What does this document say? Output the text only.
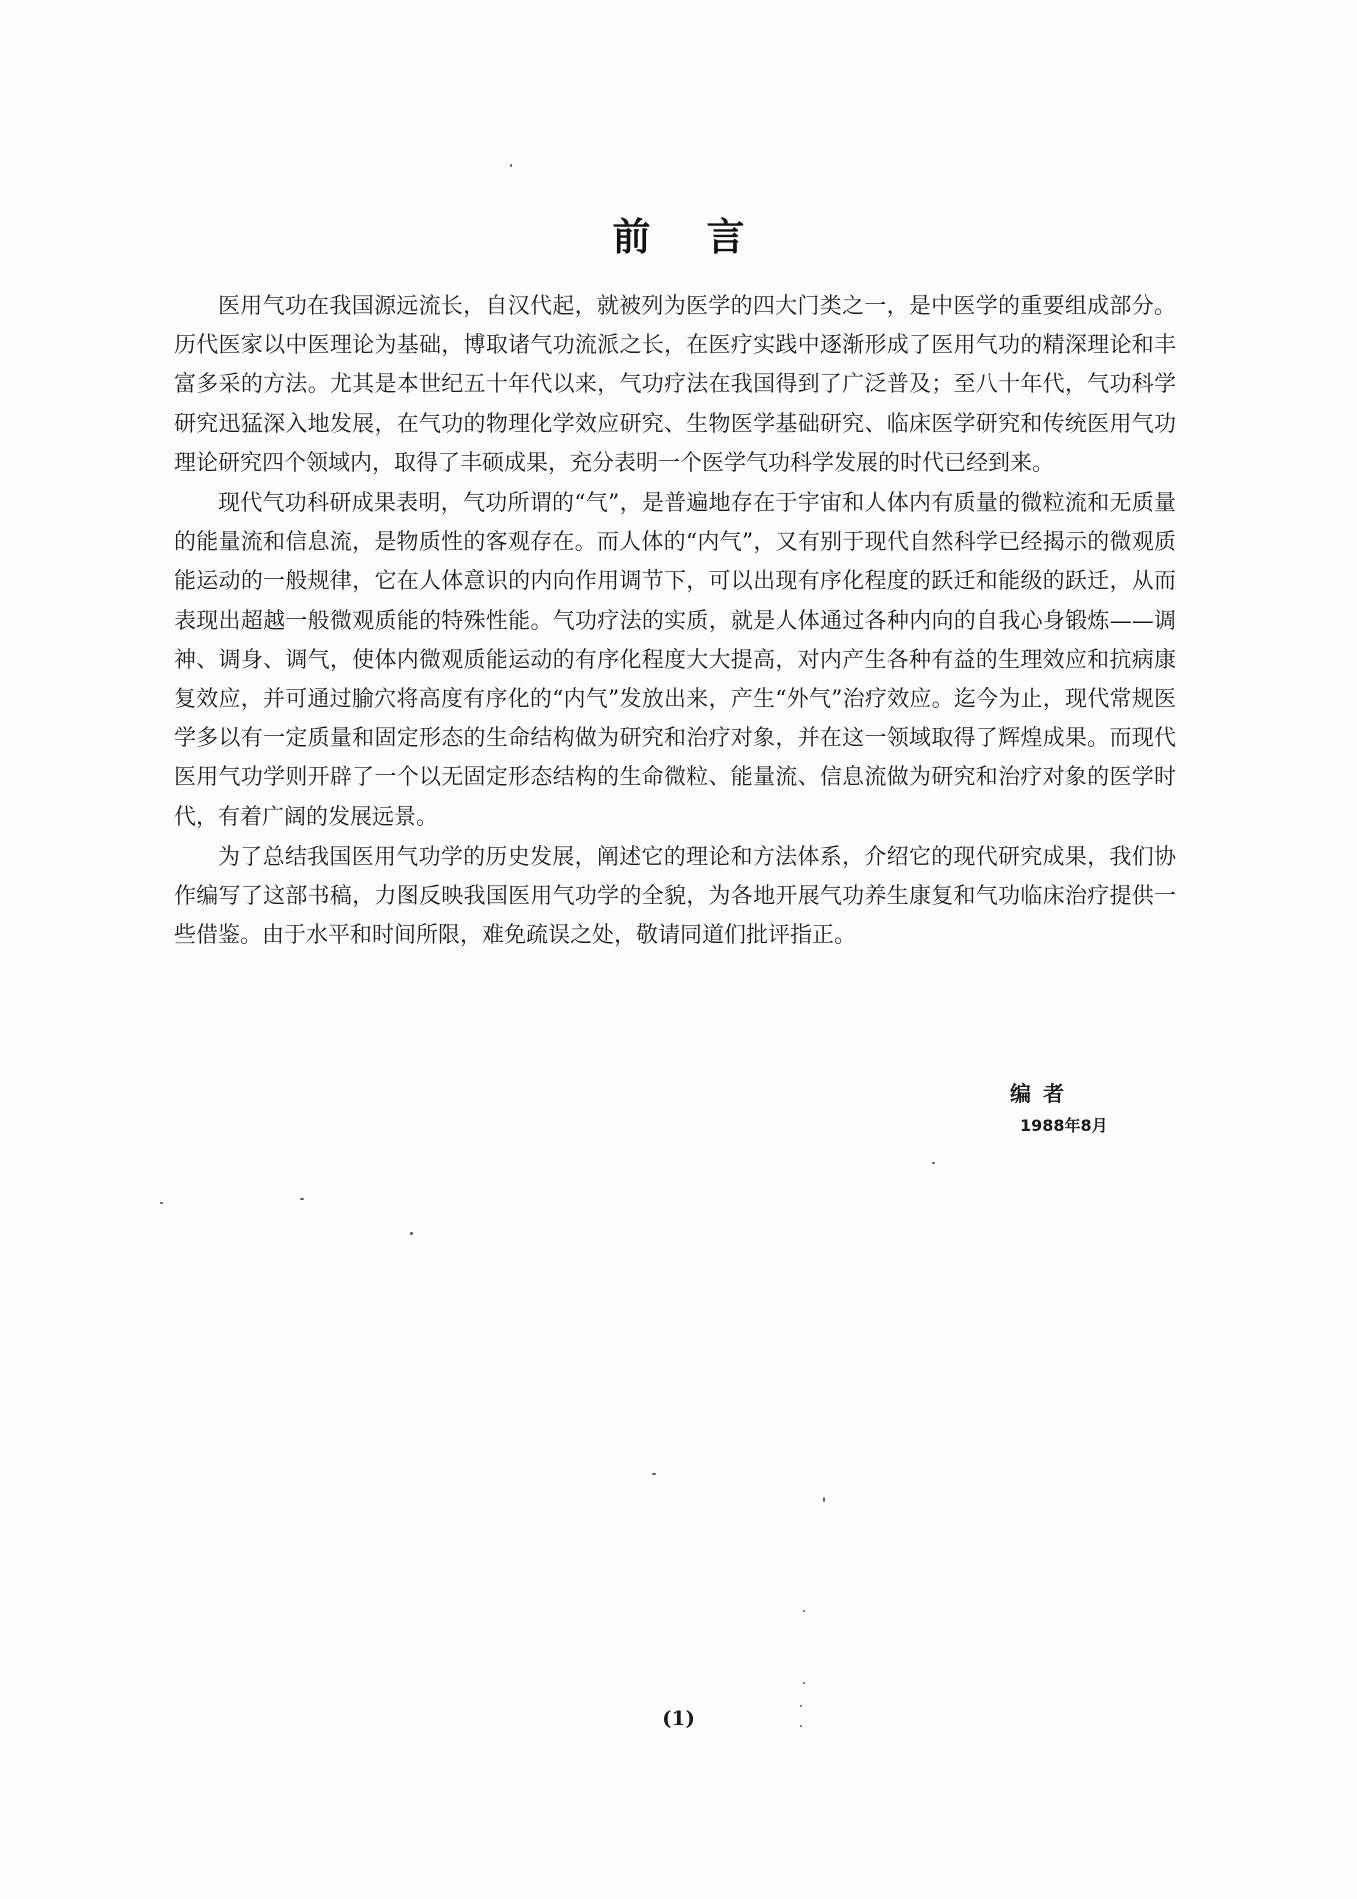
前 言

医用气功在我国源远流长，自汉代起，就被列为医学的四大门类之一，是中医学的重要组成部分。历代医家以中医理论为基础，博取诸气功流派之长，在医疗实践中逐渐形成了医用气功的精深理论和丰富多采的方法。尤其是本世纪五十年代以来，气功疗法在我国得到了广泛普及；至八十年代，气功科学研究迅猛深入地发展，在气功的物理化学效应研究、生物医学基础研究、临床医学研究和传统医用气功理论研究四个领域内，取得了丰硕成果，充分表明一个医学气功科学发展的时代已经到来。

现代气功科研成果表明，气功所谓的“气”，是普遍地存在于宇宙和人体内有质量的微粒流和无质量的能量流和信息流，是物质性的客观存在。而人体的“内气”，又有别于现代自然科学已经揭示的微观质能运动的一般规律，它在人体意识的内向作用调节下，可以出现有序化程度的跃迁和能级的跃迁，从而表现出超越一般微观质能的特殊性能。气功疗法的实质，就是人体通过各种内向的自我心身锻炼——调神、调身、调气，使体内微观质能运动的有序化程度大大提高，对内产生各种有益的生理效应和抗病康复效应，并可通过腧穴将高度有序化的“内气”发放出来，产生“外气”治疗效应。迄今为止，现代常规医学多以有一定质量和固定形态的生命结构做为研究和治疗对象，并在这一领域取得了辉煌成果。而现代医用气功学则开辟了一个以无固定形态结构的生命微粒、能量流、信息流做为研究和治疗对象的医学时代，有着广阔的发展远景。

为了总结我国医用气功学的历史发展，阐述它的理论和方法体系，介绍它的现代研究成果，我们协作编写了这部书稿，力图反映我国医用气功学的全貌，为各地开展气功养生康复和气功临床治疗提供一些借鉴。由于水平和时间所限，难免疏误之处，敬请同道们批评指正。

编者
1988年8月
(1)
